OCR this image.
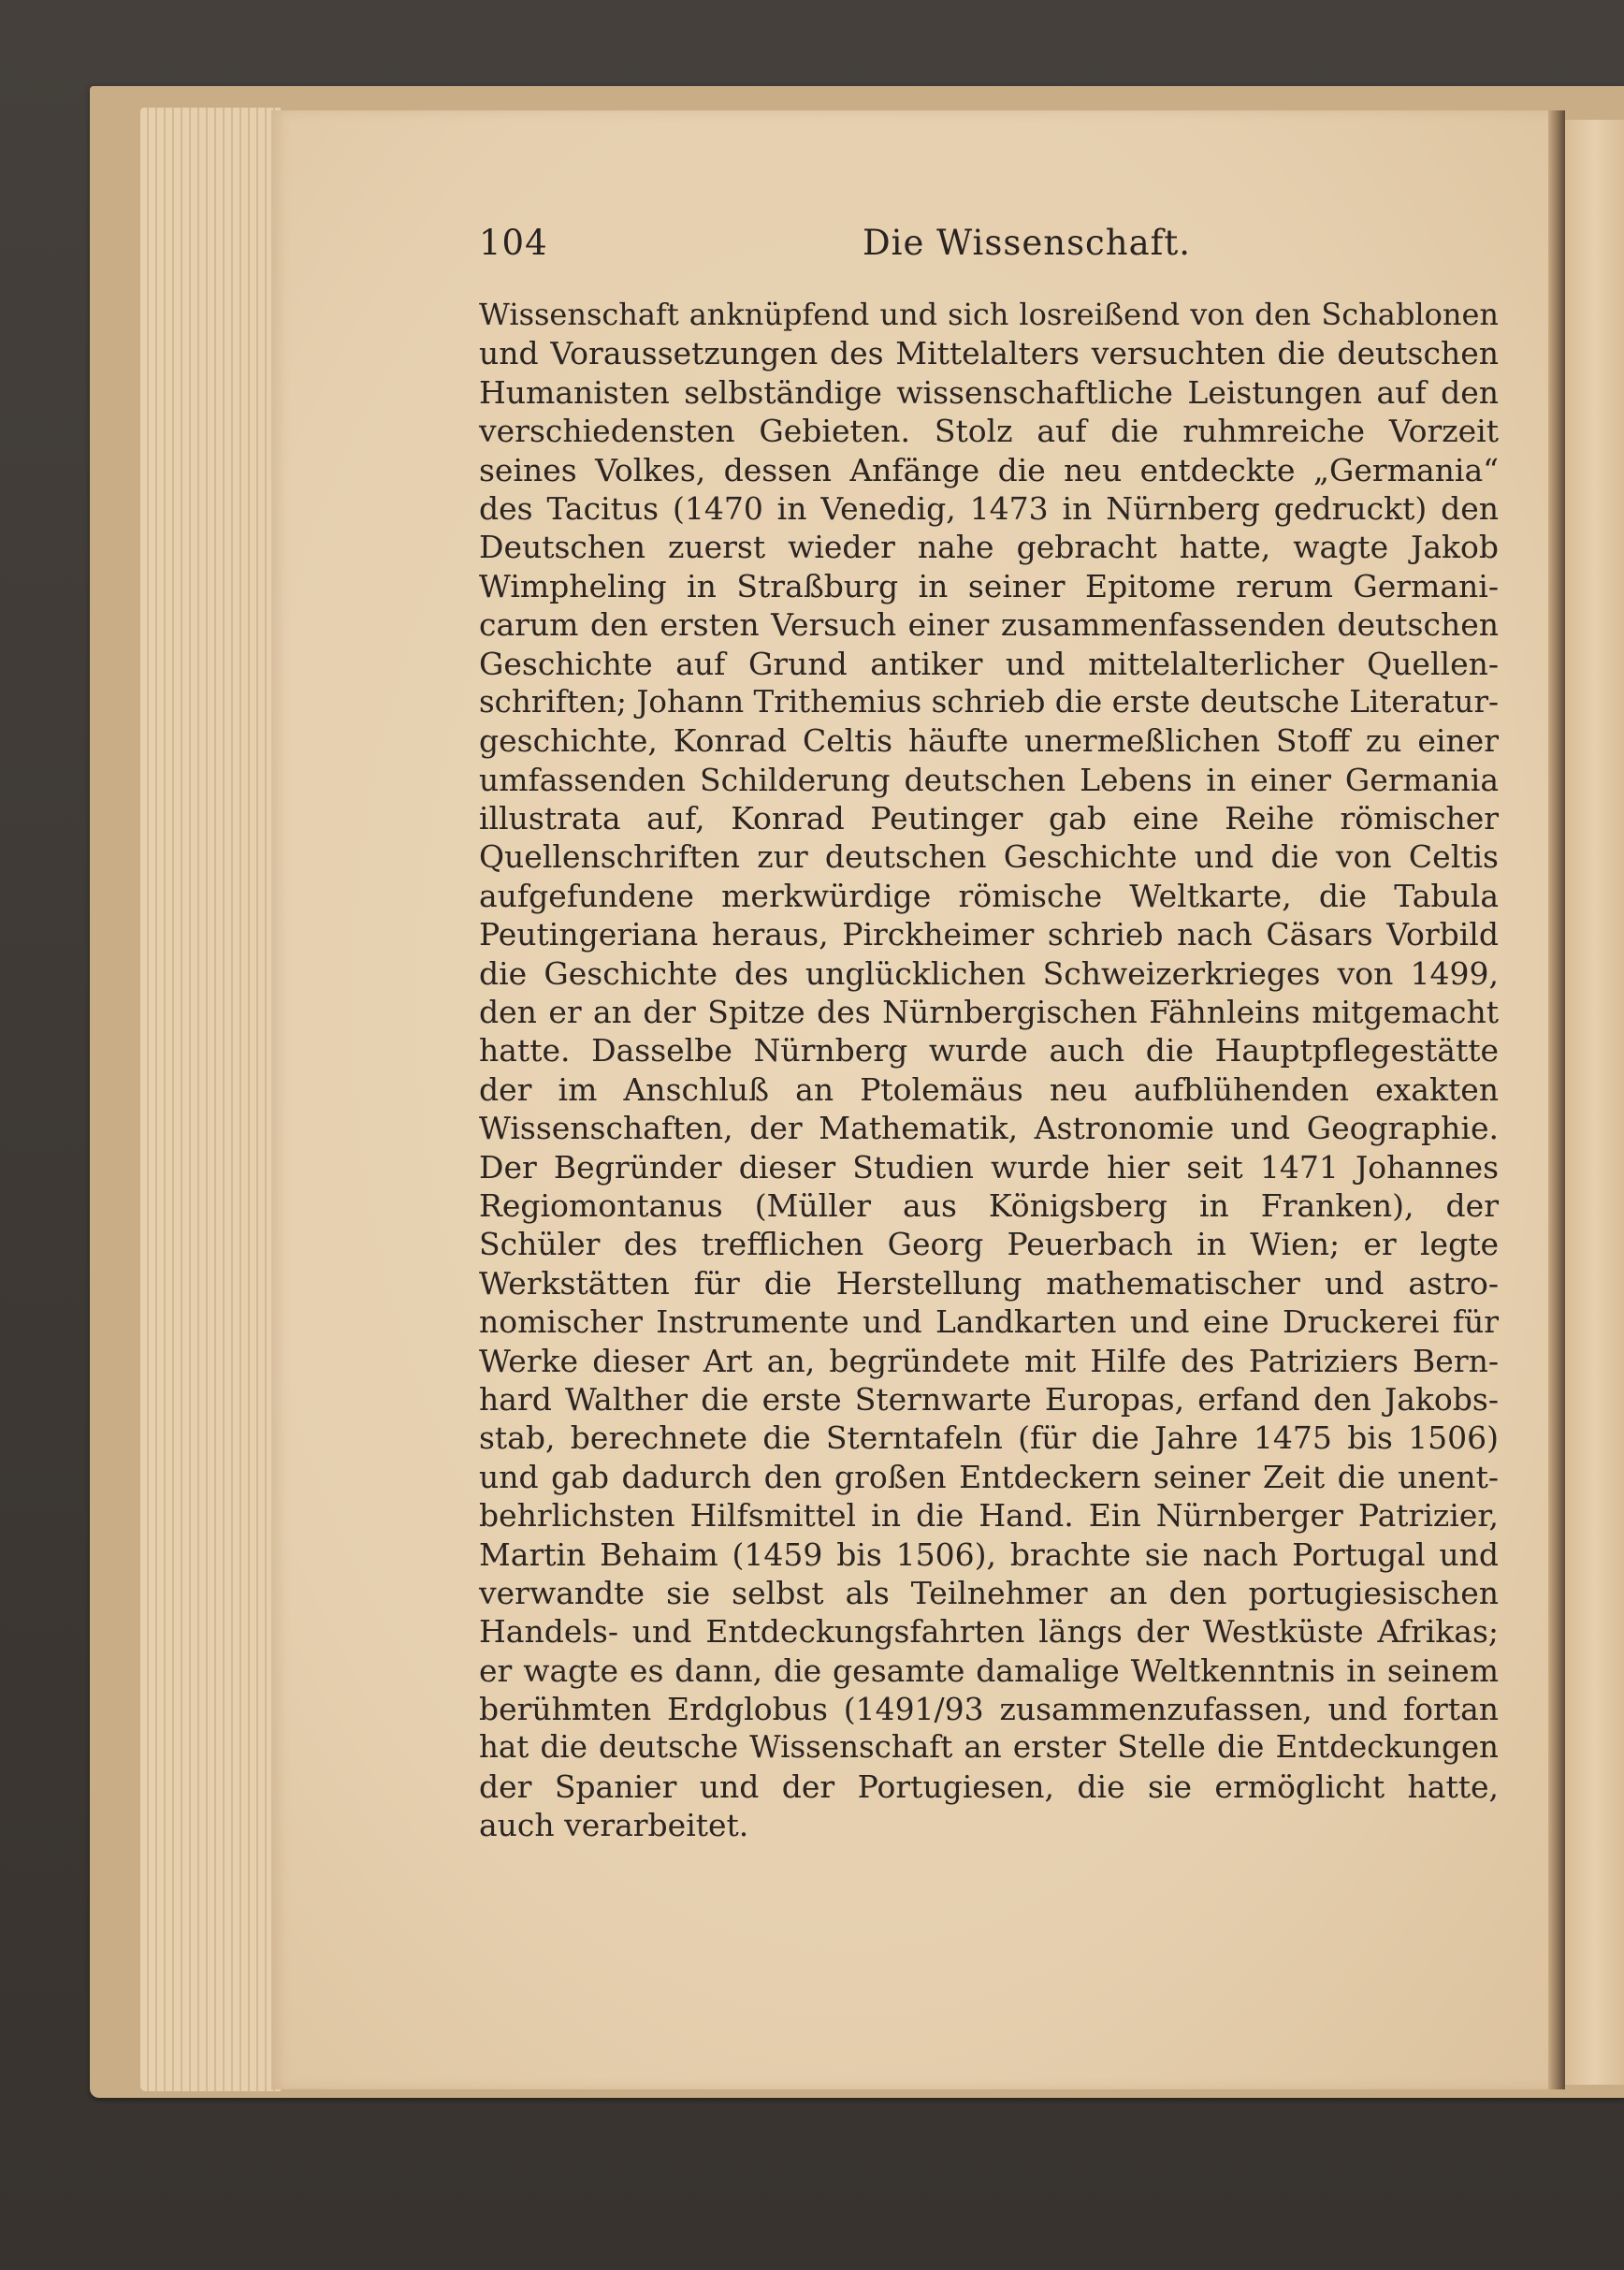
104	Die Wissenschaft.
Wissenschaft anknüpfend und sich losreißend von den Schablonen
und Voraussetzungen des Mittelalters versuchten die deutschen
Humanisten selbständige wissenschaftliche Leistungen auf den
verschiedensten Gebieten. Stolz auf die ruhmreiche Vorzeit
seines Volkes, dessen Anfänge die neu entdeckte „Germania“
des Tacitus (1470 in Venedig, 1473 in Nürnberg gedruckt) den
Deutschen zuerst wieder nahe gebracht hatte, wagte Jakob
Wimpheling in Straßburg in seiner Epitome rerum Germani-
carum den ersten Versuch einer zusammenfassenden deutschen
Geschichte auf Grund antiker und mittelalterlicher Quellen-
schriften; Johann Trithemius schrieb die erste deutsche Literatur-
geschichte, Konrad Celtis häufte unermeßlichen Stoff zu einer
umfassenden Schilderung deutschen Lebens in einer Germania
illustrata auf, Konrad Peutinger gab eine Reihe römischer
Quellenschriften zur deutschen Geschichte und die von Celtis
aufgefundene merkwürdige römische Weltkarte, die Tabula
Peutingeriana heraus, Pirckheimer schrieb nach Cäsars Vorbild
die Geschichte des unglücklichen Schweizerkrieges von 1499,
den er an der Spitze des Nürnbergischen Fähnleins mitgemacht
hatte. Dasselbe Nürnberg wurde auch die Hauptpflegestätte
der im Anschluß an Ptolemäus neu aufblühenden exakten
Wissenschaften, der Mathematik, Astronomie und Geographie.
Der Begründer dieser Studien wurde hier seit 1471 Johannes
Regiomontanus (Müller aus Königsberg in Franken), der
Schüler des trefflichen Georg Peuerbach in Wien; er legte
Werkstätten für die Herstellung mathematischer und astro-
nomischer Instrumente und Landkarten und eine Druckerei für
Werke dieser Art an, begründete mit Hilfe des Patriziers Bern-
hard Walther die erste Sternwarte Europas, erfand den Jakobs-
stab, berechnete die Sterntafeln (für die Jahre 1475 bis 1506)
und gab dadurch den großen Entdeckern seiner Zeit die unent-
behrlichsten Hilfsmittel in die Hand. Ein Nürnberger Patrizier,
Martin Behaim (1459 bis 1506), brachte sie nach Portugal und
verwandte sie selbst als Teilnehmer an den portugiesischen
Handels- und Entdeckungsfahrten längs der Westküste Afrikas;
er wagte es dann, die gesamte damalige Weltkenntnis in seinem
berühmten Erdglobus (1491/93 zusammenzufassen, und fortan
hat die deutsche Wissenschaft an erster Stelle die Entdeckungen
der Spanier und der Portugiesen, die sie ermöglicht hatte,
auch verarbeitet.
